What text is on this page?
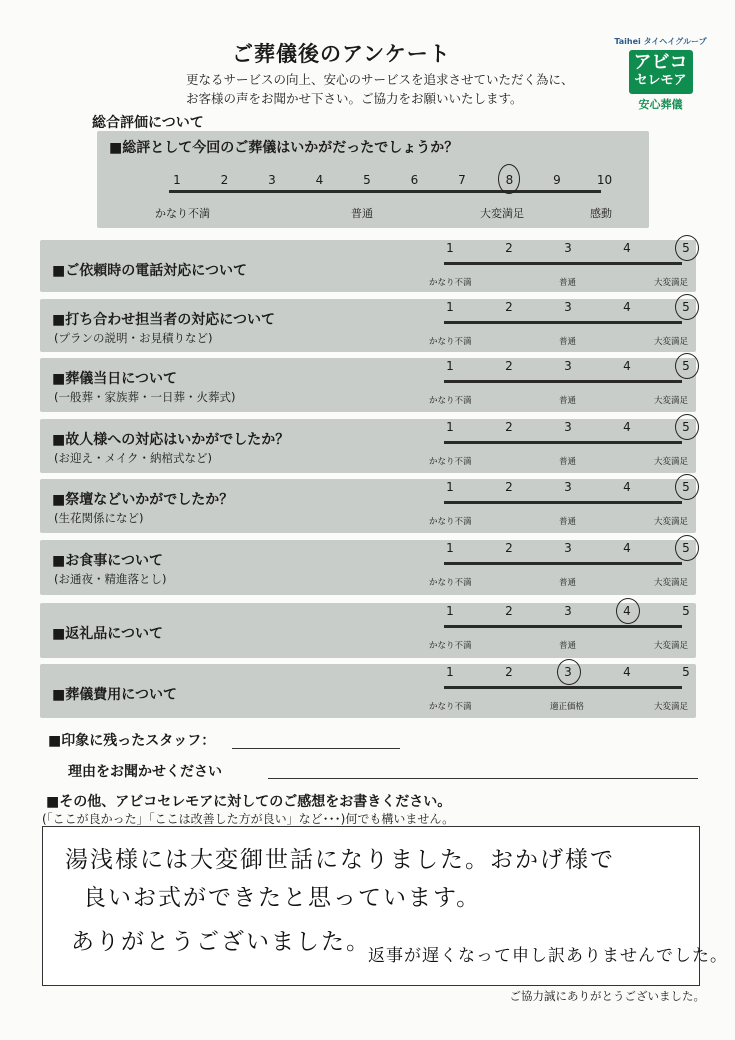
ご葬儀後のアンケート
更なるサービスの向上、安心のサービスを追求させていただく為に、
お客様の声をお聞かせ下さい。ご協力をお願いいたします。
Taihei タイヘイグループ
アビコ
セレモア
安心葬儀
総合評価について
■総評として今回のご葬儀はいかがだったでしょうか？
かなり不満	普通	大変満足	感動
1	2	3	4	5	6	7	8	9	10
■ご依頼時の電話対応について
1	2	3	4	5
かなり不満	普通	大変満足
■打ち合わせ担当者の対応について
(プランの説明・お見積りなど)
1	2	3	4	5
かなり不満	普通	大変満足
■葬儀当日について
(一般葬・家族葬・一日葬・火葬式)
1	2	3	4	5
かなり不満	普通	大変満足
■故人様への対応はいかがでしたか？
(お迎え・メイク・納棺式など)
1	2	3	4	5
かなり不満	普通	大変満足
■祭壇などいかがでしたか？
(生花関係になど)
1	2	3	4	5
かなり不満	普通	大変満足
■お食事について
(お通夜・精進落とし)
1	2	3	4	5
かなり不満	普通	大変満足
■返礼品について
1	2	3	4	5
かなり不満	普通	大変満足
■葬儀費用について
1	2	3	4	5
かなり不満	適正価格	大変満足
■印象に残ったスタッフ：
理由をお聞かせください
■その他、アビコセレモアに対してのご感想をお書きください。
(「ここが良かった」「ここは改善した方が良い」など･･･)何でも構いません。
湯浅様には大変御世話になりました。おかげ様で
良いお式ができたと思っています。
ありがとうございました。
返事が遅くなって申し訳ありませんでした。
ご協力誠にありがとうございました。
